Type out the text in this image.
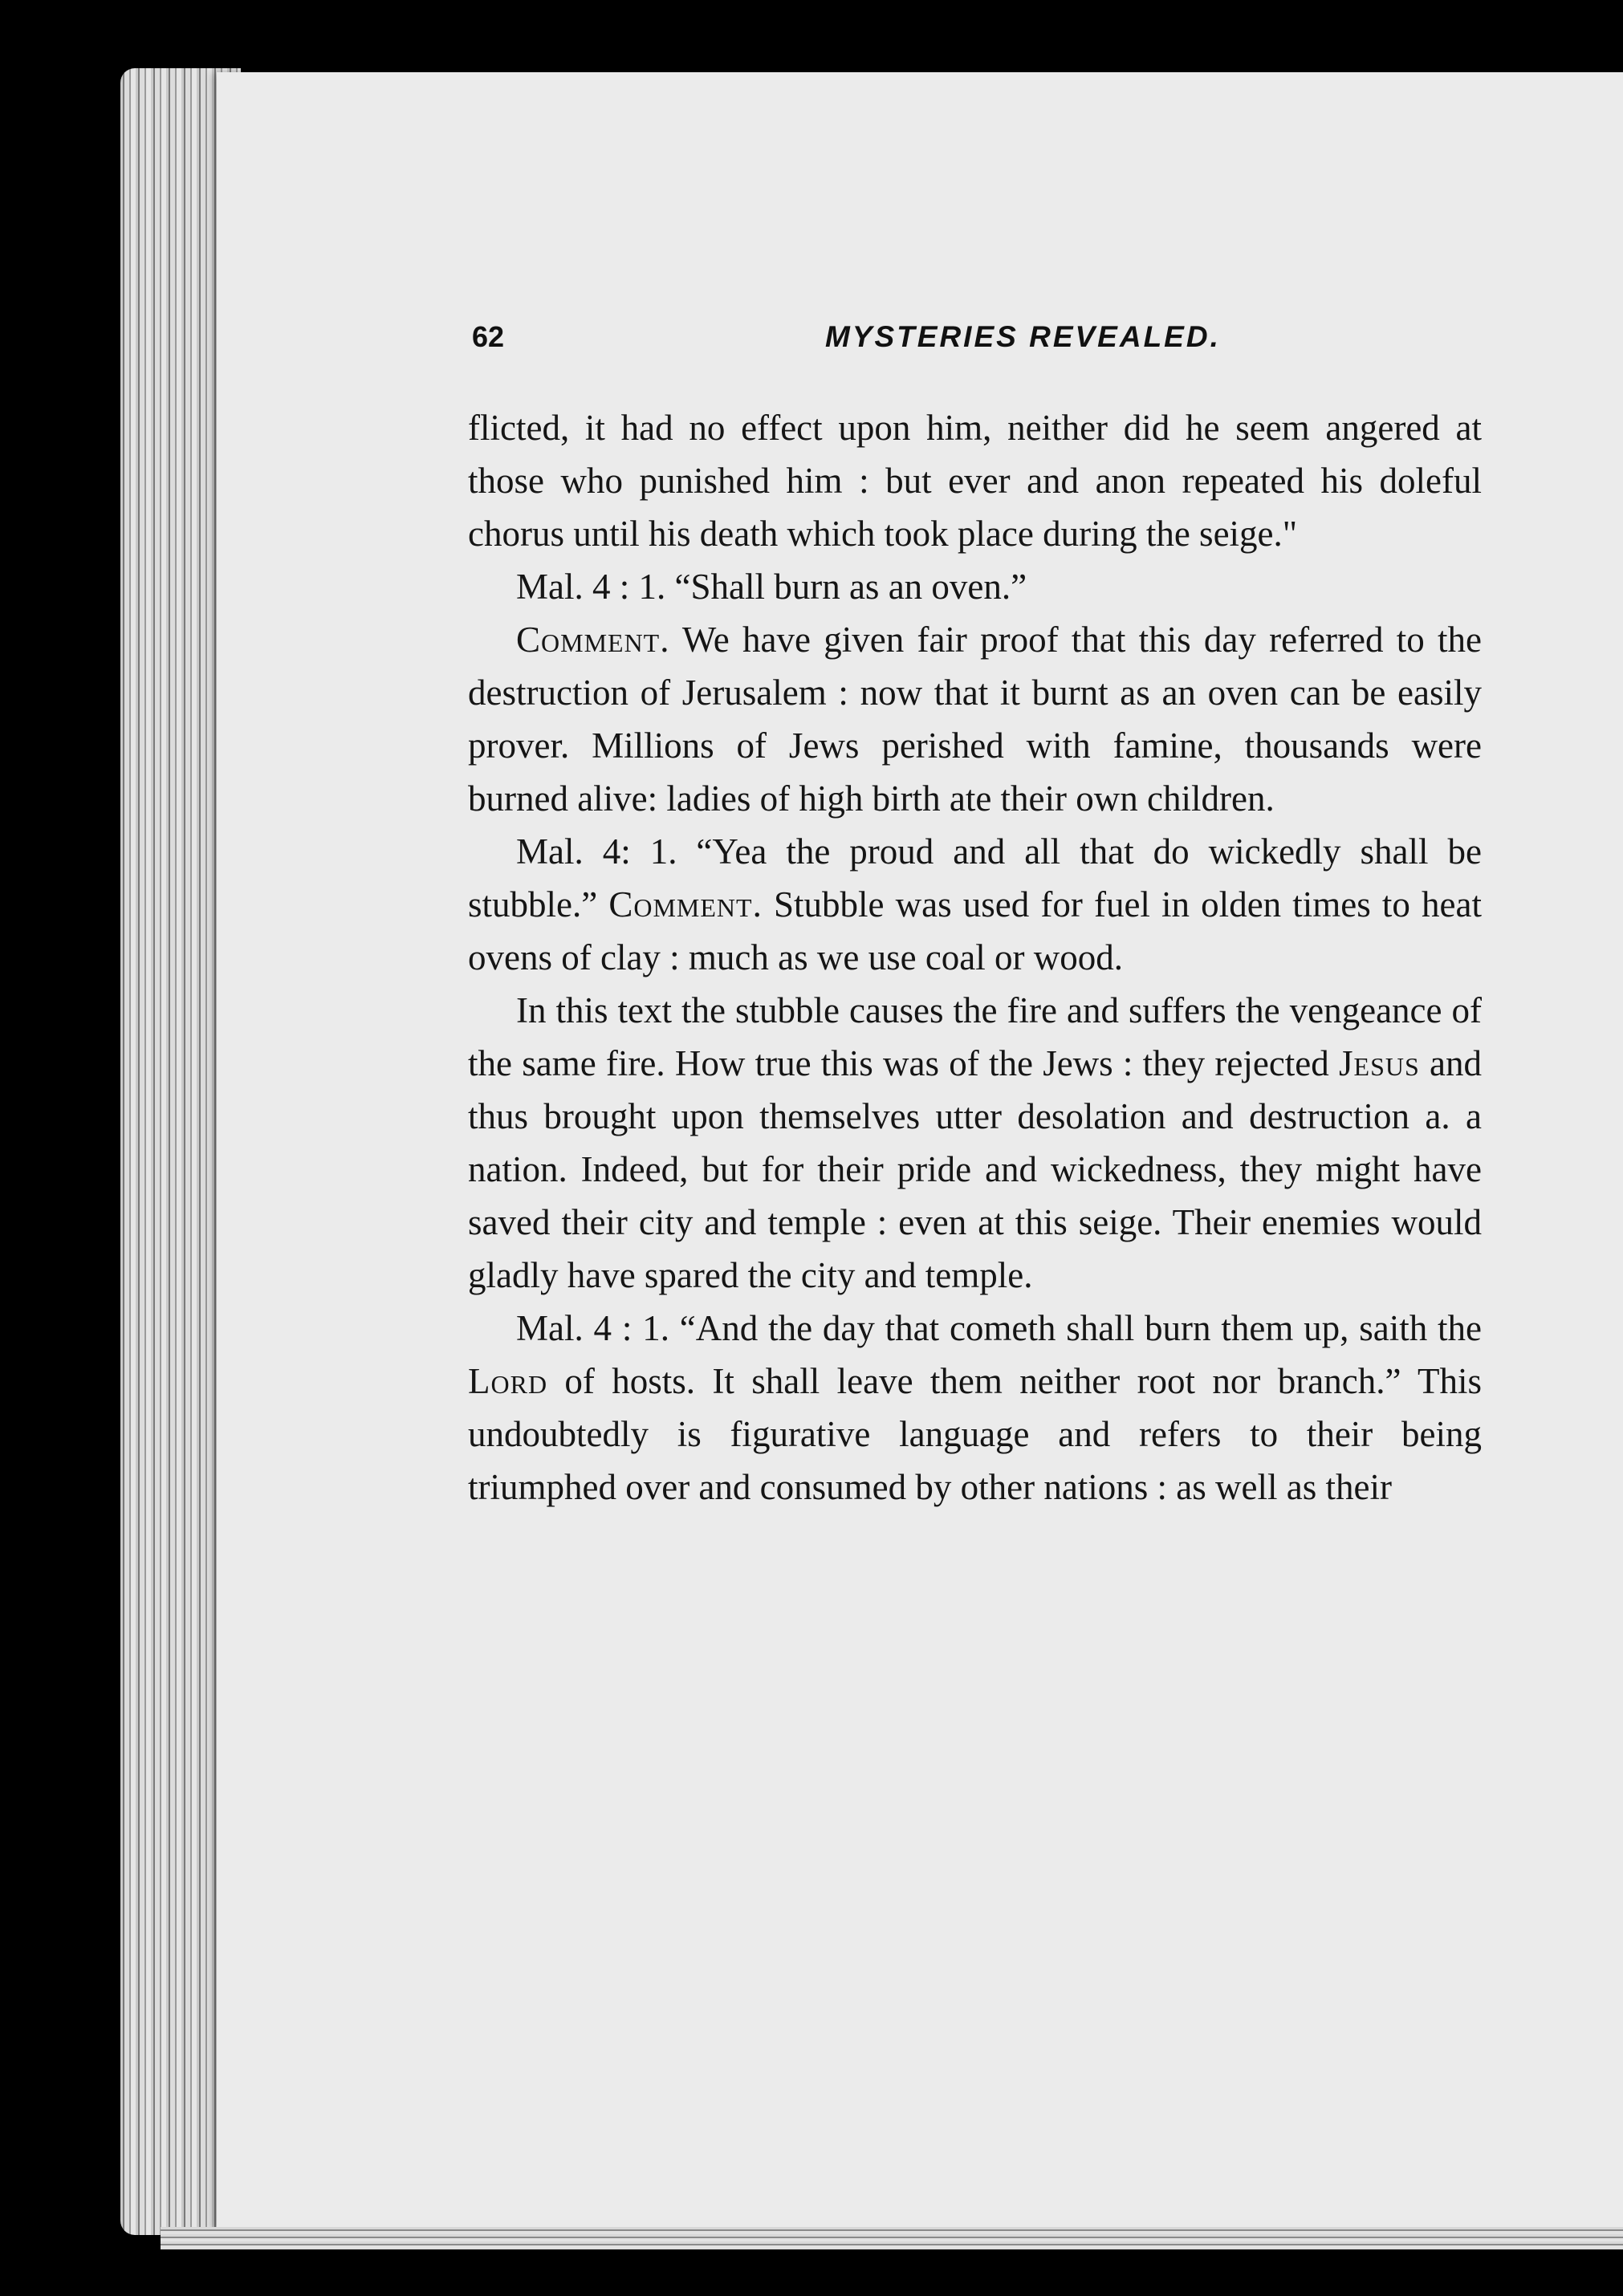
62	MYSTERIES REVEALED.

flicted, it had no effect upon him, neither did he seem angered at those who punished him : but ever and anon repeated his doleful chorus until his death which took place during the seige."

Mal. 4 : 1. “Shall burn as an oven.”

Comment. We have given fair proof that this day referred to the destruction of Jerusalem : now that it burnt as an oven can be easily prover. Millions of Jews perished with famine, thousands were burned alive: ladies of high birth ate their own children.

Mal. 4: 1. “Yea the proud and all that do wickedly shall be stubble.” Comment. Stubble was used for fuel in olden times to heat ovens of clay : much as we use coal or wood.

In this text the stubble causes the fire and suffers the vengeance of the same fire. How true this was of the Jews : they rejected Jesus and thus brought upon themselves utter desolation and destruction a. a nation. Indeed, but for their pride and wickedness, they might have saved their city and temple : even at this seige. Their enemies would gladly have spared the city and temple.

Mal. 4 : 1. “And the day that cometh shall burn them up, saith the Lord of hosts. It shall leave them neither root nor branch.” This undoubtedly is figurative language and refers to their being triumphed over and consumed by other nations : as well as their
